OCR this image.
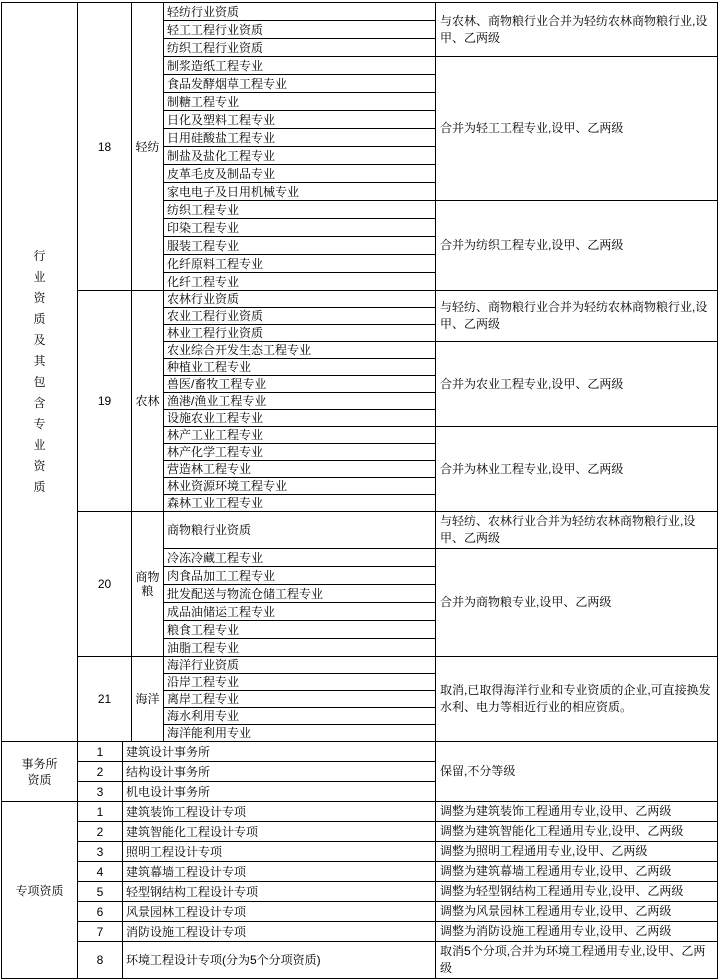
行业资质及其包含专业资质	18		轻纺	轻纺行业资质	与农林、商物粮行业合并为轻纺农林商物粮行业,设甲、乙两级
				轻工工程行业资质	
				纺织工程行业资质	
				制浆造纸工程专业	合并为轻工工程专业,设甲、乙两级
				食品发酵烟草工程专业	
				制糖工程专业	
				日化及塑料工程专业	
				日用硅酸盐工程专业	
				制盐及盐化工程专业	
				皮革毛皮及制品专业	
				家电电子及日用机械专业	
				纺织工程专业	合并为纺织工程专业,设甲、乙两级
				印染工程专业	
				服装工程专业	
				化纤原料工程专业	
				化纤工程专业	
	19		农林	农林行业资质	与轻纺、商物粮行业合并为轻纺农林商物粮行业,设甲、乙两级
				农业工程行业资质	
				林业工程行业资质	
				农业综合开发生态工程专业	合并为农业工程专业,设甲、乙两级
				种植业工程专业	
				兽医/畜牧工程专业	
				渔港/渔业工程专业	
				设施农业工程专业	
				林产工业工程专业	合并为林业工程专业,设甲、乙两级
				林产化学工程专业	
				营造林工程专业	
				林业资源环境工程专业	
				森林工业工程专业	
	20		商物粮	商物粮行业资质	与轻纺、农林行业合并为轻纺农林商物粮行业,设甲、乙两级
				冷冻冷藏工程专业	合并为商物粮专业,设甲、乙两级
				肉食品加工工程专业	
				批发配送与物流仓储工程专业	
				成品油储运工程专业	
				粮食工程专业	
				油脂工程专业	
	21		海洋	海洋行业资质	取消,已取得海洋行业和专业资质的企业,可直接换发水利、电力等相近行业的相应资质。
				沿岸工程专业	
				离岸工程专业	
				海水利用专业	
				海洋能利用专业	

事务所资质	1	建筑设计事务所			保留,不分等级
	2	结构设计事务所			
	3	机电设计事务所			
专项资质	1	建筑装饰工程设计专项			调整为建筑装饰工程通用专业,设甲、乙两级
	2	建筑智能化工程设计专项			调整为建筑智能化工程通用专业,设甲、乙两级
	3	照明工程设计专项			调整为照明工程通用专业,设甲、乙两级
	4	建筑幕墙工程设计专项			调整为建筑幕墙工程通用专业,设甲、乙两级
	5	轻型钢结构工程设计专项			调整为轻型钢结构工程通用专业,设甲、乙两级
	6	风景园林工程设计专项			调整为风景园林工程通用专业,设甲、乙两级
	7	消防设施工程设计专项			调整为消防设施工程通用专业,设甲、乙两级
	8	环境工程设计专项(分为5个分项资质)			取消5个分项,合并为环境工程通用专业,设甲、乙两级
